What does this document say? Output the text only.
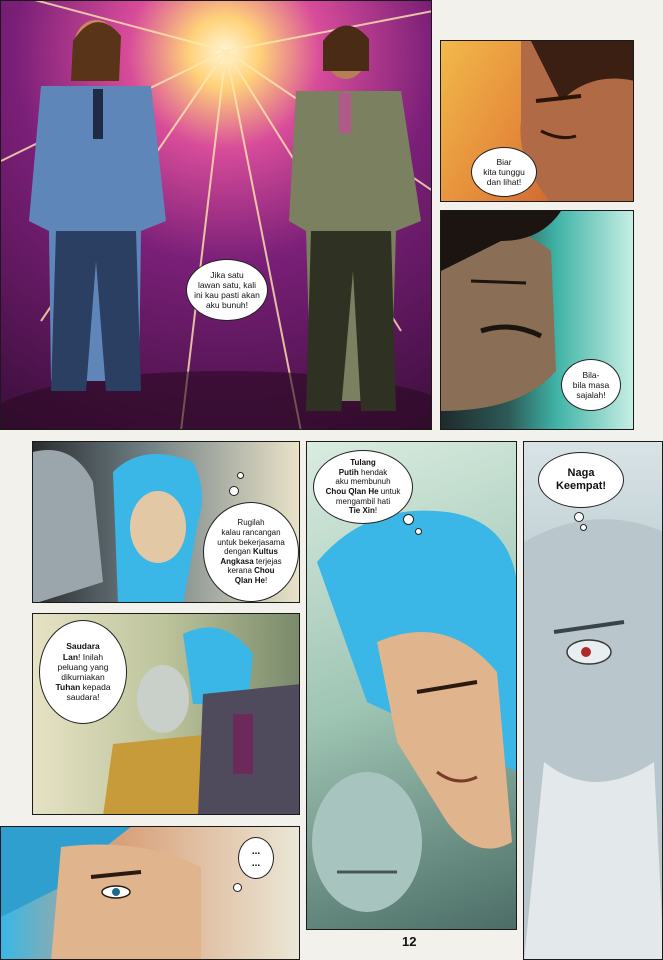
Jika satu
lawan satu, kali
ini kau pasti akan
aku bunuh!
Biar
kita tunggu
dan lihat!
Bila-
bila masa
sajalah!
Rugilah
kalau rancangan
untuk bekerjasama
dengan Kultus
Angkasa terjejas
kerana Chou
Qlan He!
Saudara
Lan! Inilah
peluang yang
dikurniakan
Tuhan kepada
saudara!
Tulang
Putih hendak
aku membunuh
Chou Qlan He untuk
mengambil hati
Tie Xin!
Naga
Keempat!
...
...
12
